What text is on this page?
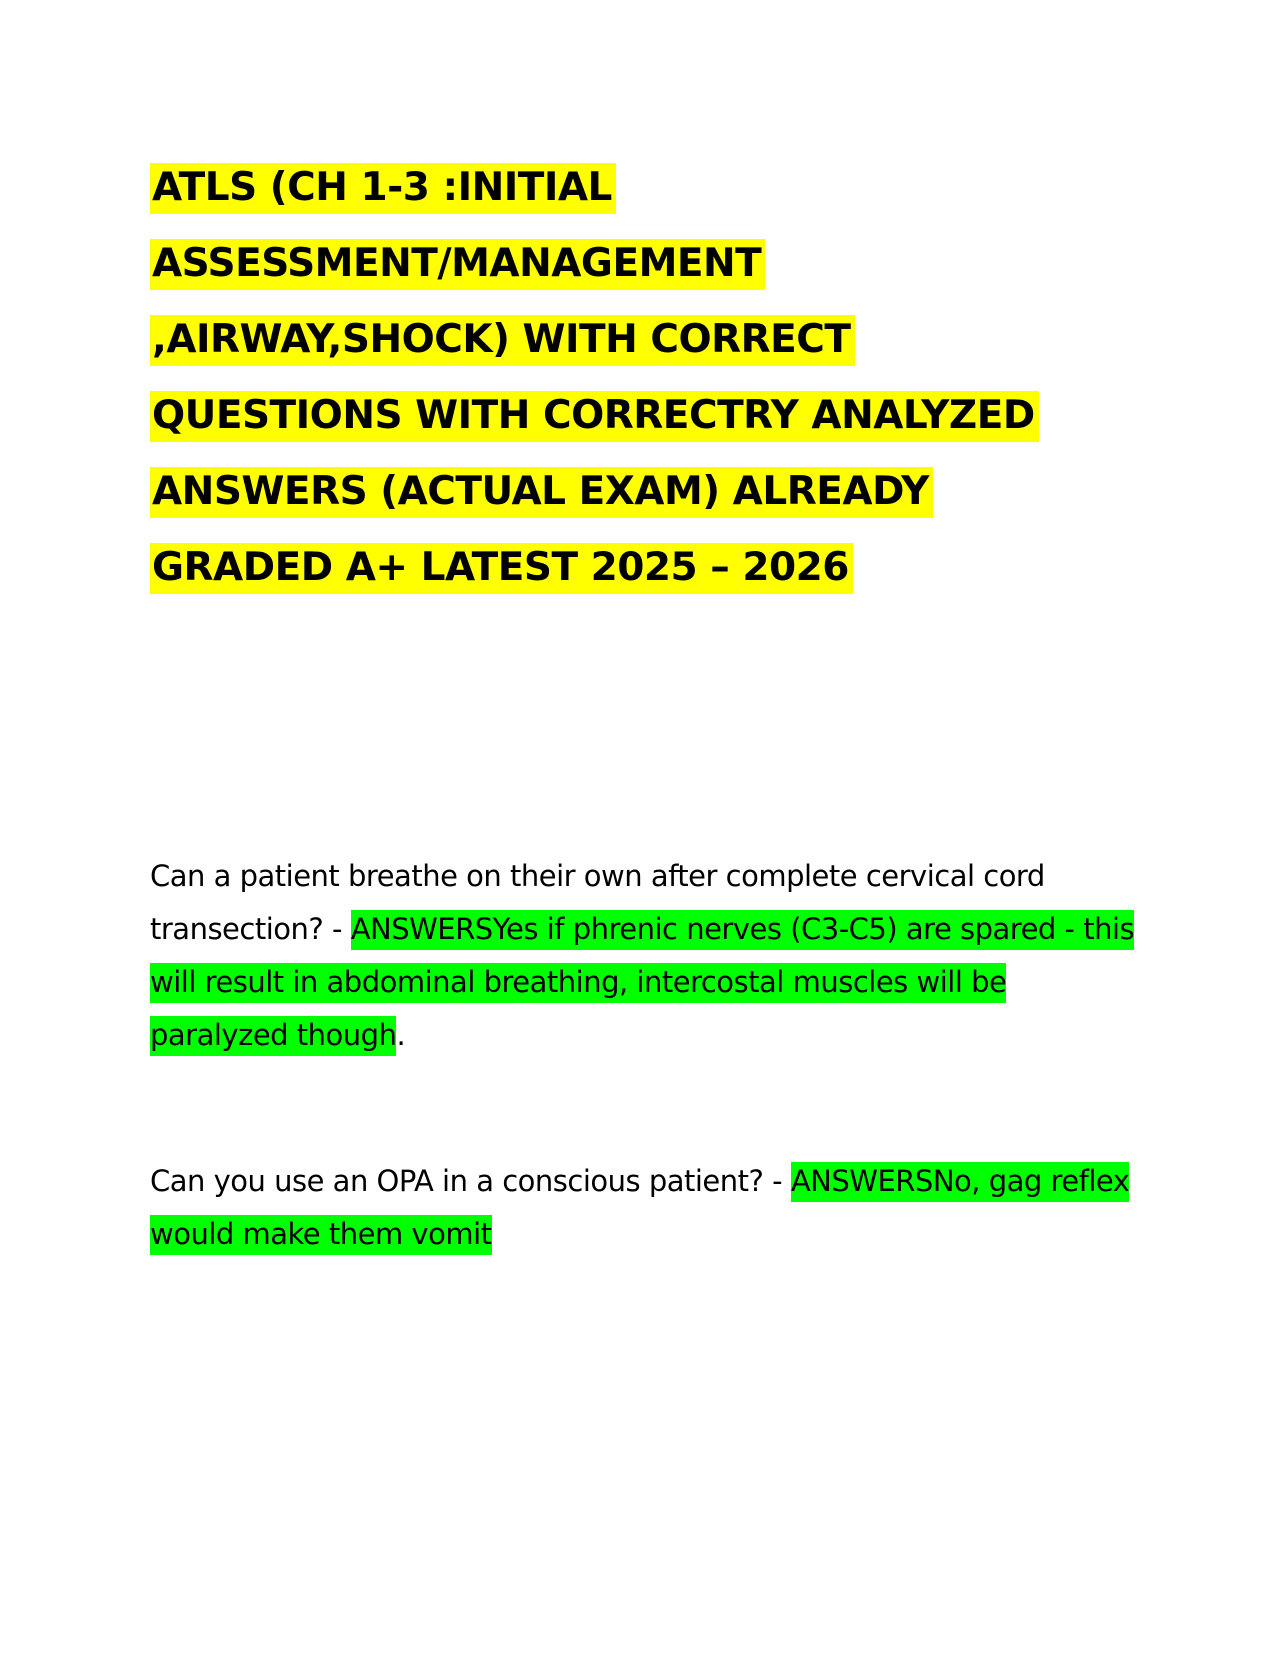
ATLS (CH 1-3 :INITIAL
ASSESSMENT/MANAGEMENT
,AIRWAY,SHOCK) WITH CORRECT
QUESTIONS WITH CORRECTRY ANALYZED
ANSWERS (ACTUAL EXAM) ALREADY
GRADED A+ LATEST 2025 – 2026

Can a patient breathe on their own after complete cervical cord transection? - ANSWERSYes if phrenic nerves (C3-C5) are spared - this will result in abdominal breathing, intercostal muscles will be paralyzed though.

Can you use an OPA in a conscious patient? - ANSWERSNo, gag reflex would make them vomit
